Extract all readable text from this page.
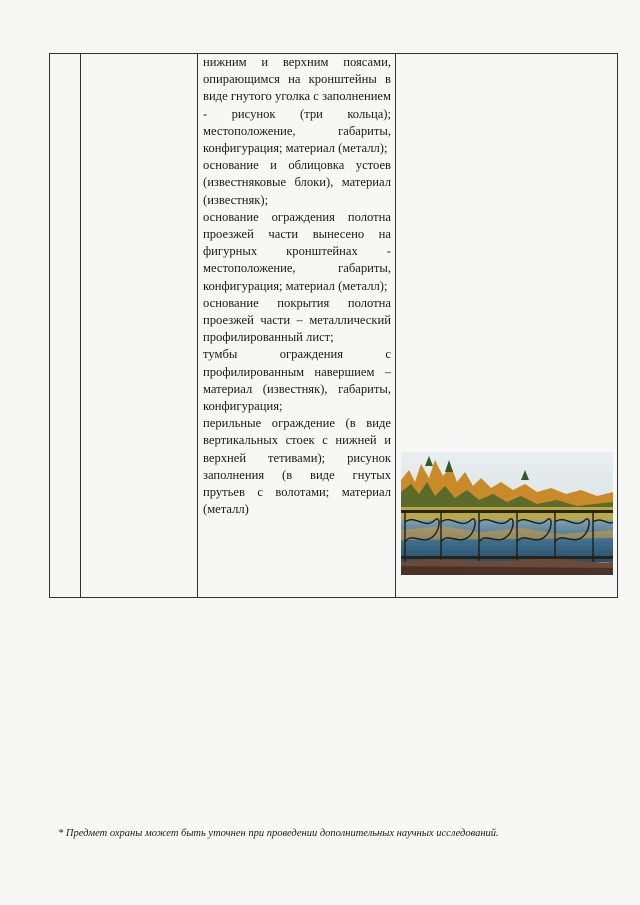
нижним и верхним поясами, опирающимся на кронштейны в виде гнутого уголка с заполнением - рисунок (три кольца); местоположение, габариты, конфигурация; материал (металл);

основание и облицовка устоев (известняковые блоки), материал (известняк);

основание ограждения полотна проезжей части вынесено на фигурных кронштейнах - местоположение, габариты, конфигурация; материал (металл);

основание покрытия полотна проезжей части – металлический профилированный лист;

тумбы ограждения с профилированным навершием – материал (известняк), габариты, конфигурация;

перильные ограждение (в виде вертикальных стоек с нижней и верхней тетивами); рисунок заполнения (в виде гнутых прутьев с волотами; материал (металл)

* Предмет охраны может быть уточнен при проведении дополнительных научных исследований.
